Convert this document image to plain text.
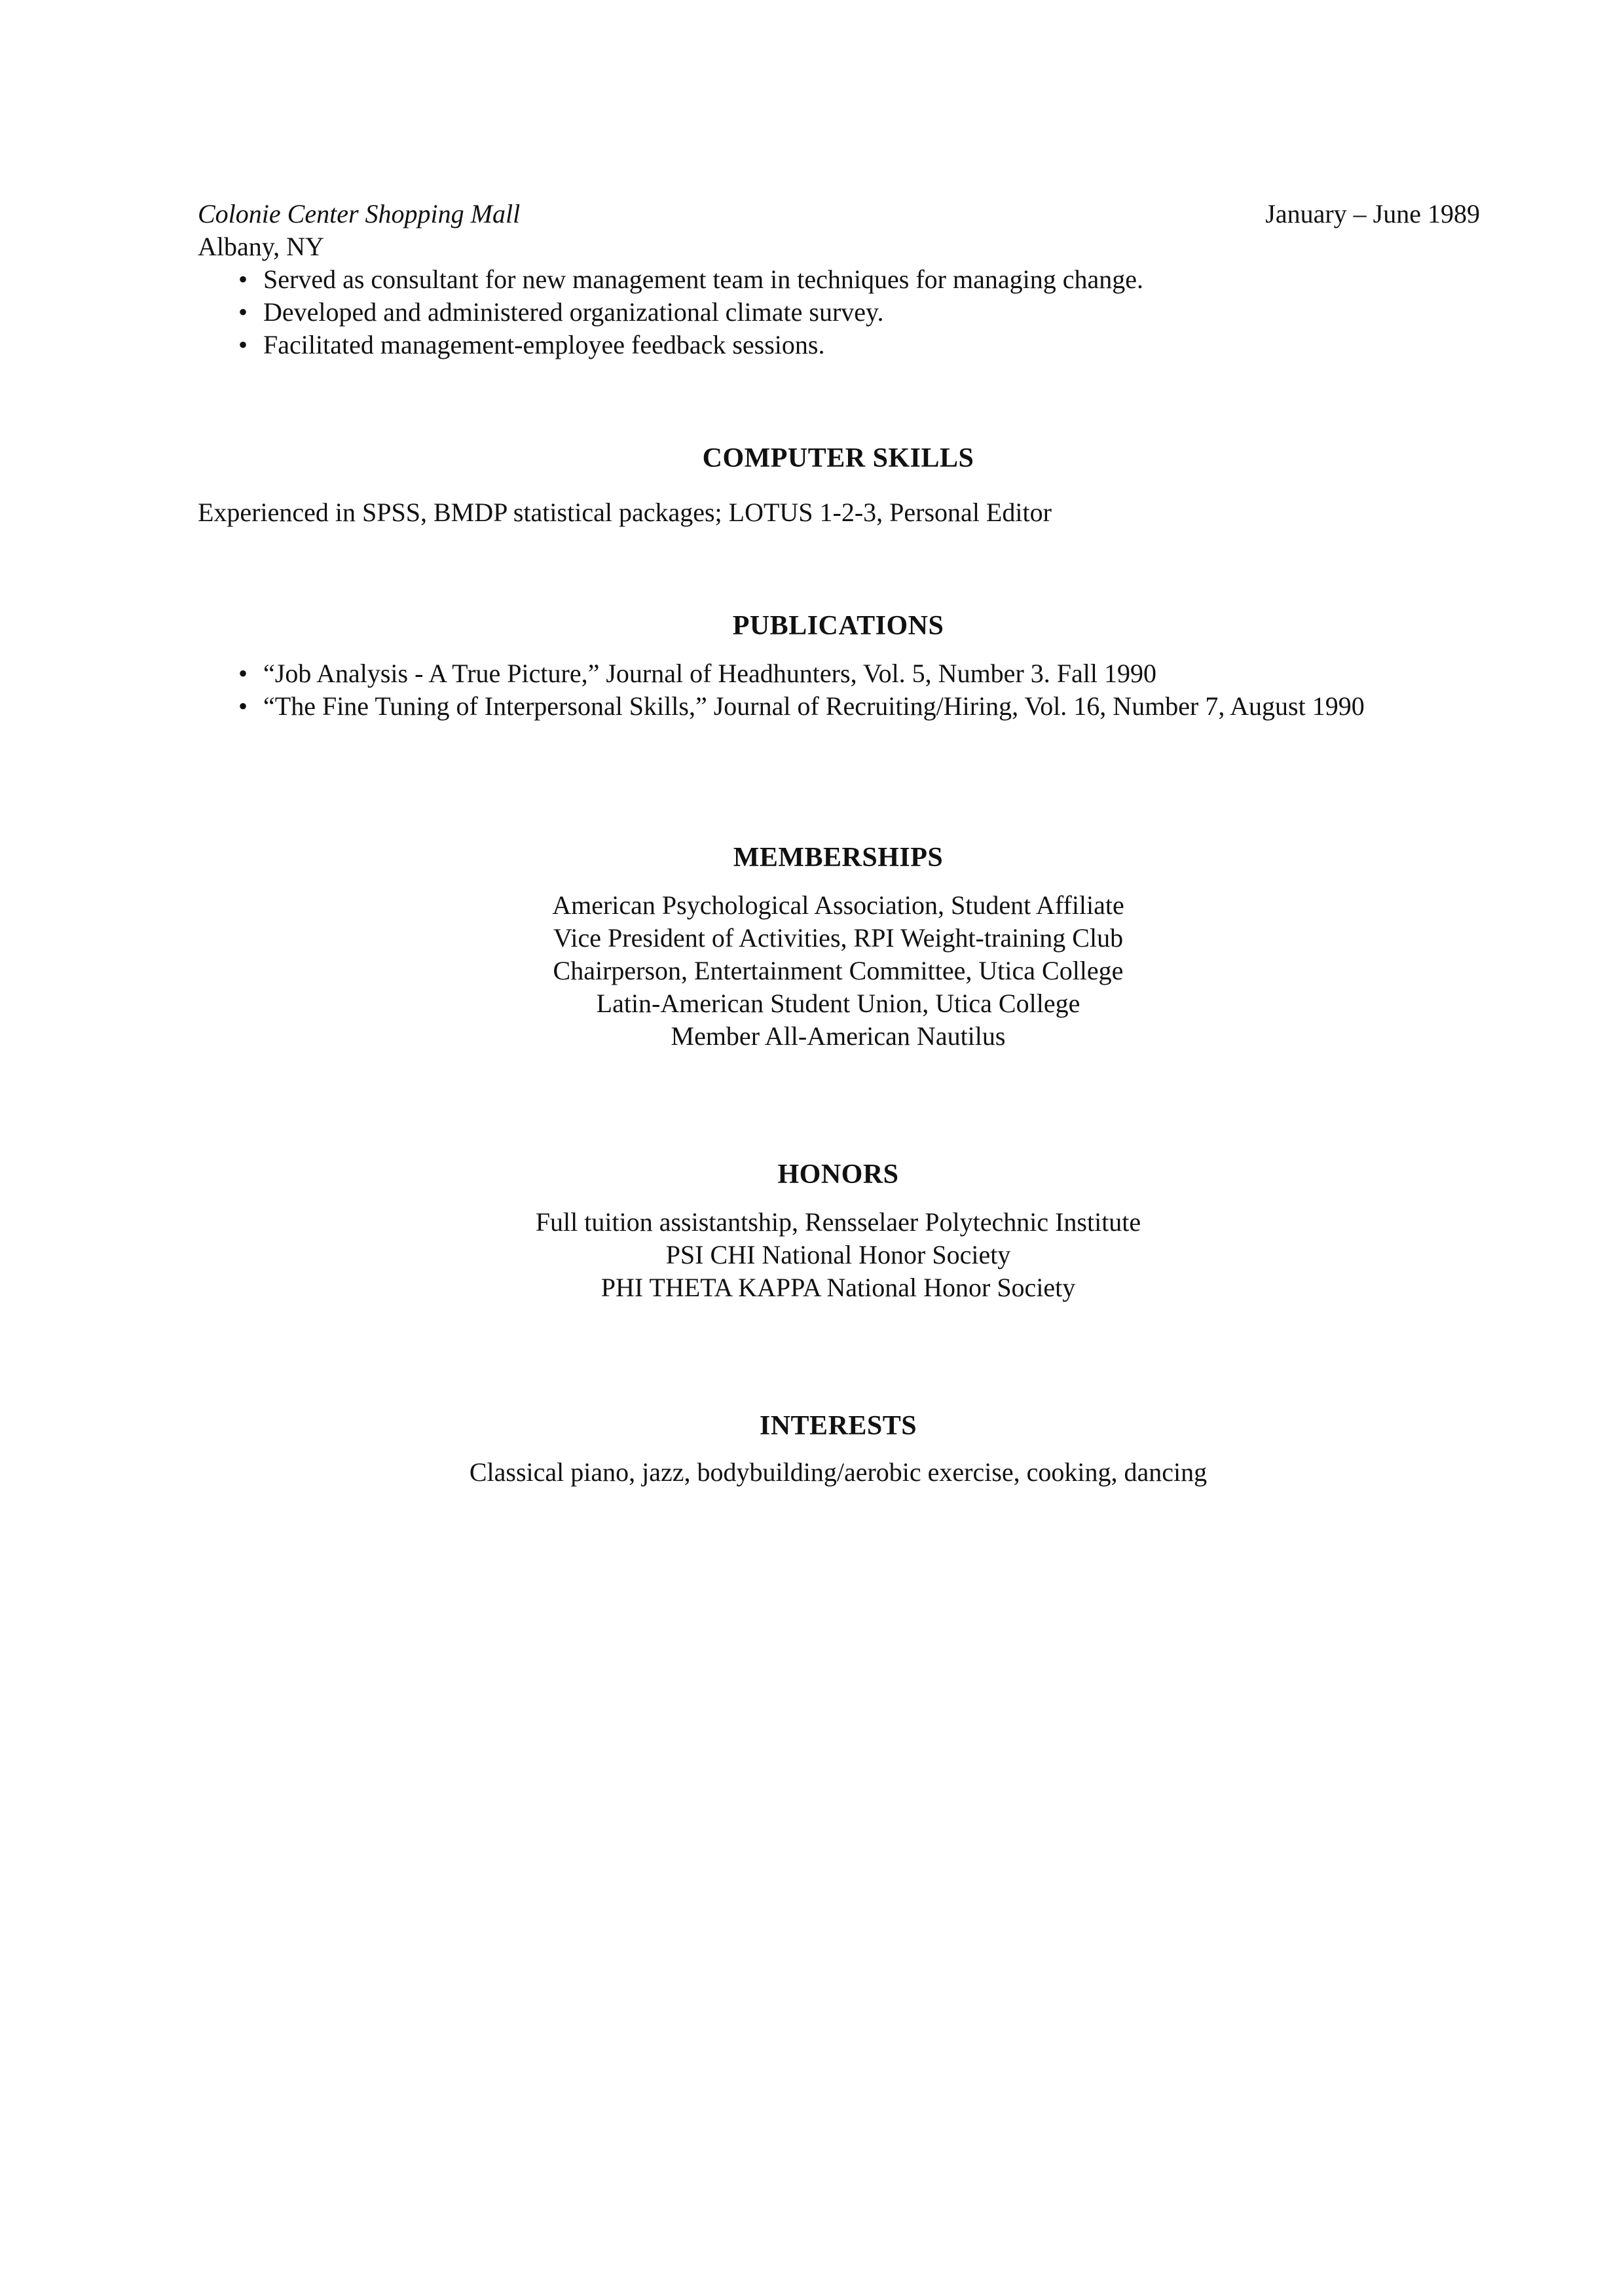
Colonie Center Shopping Mall	January – June 1989
Albany, NY
• Served as consultant for new management team in techniques for managing change.
• Developed and administered organizational climate survey.
• Facilitated management-employee feedback sessions.
COMPUTER SKILLS
Experienced in SPSS, BMDP statistical packages; LOTUS 1-2-3, Personal Editor
PUBLICATIONS
• “Job Analysis - A True Picture,” Journal of Headhunters, Vol. 5, Number 3. Fall 1990
• “The Fine Tuning of Interpersonal Skills,” Journal of Recruiting/Hiring, Vol. 16, Number 7, August 1990
MEMBERSHIPS
American Psychological Association, Student Affiliate
Vice President of Activities, RPI Weight-training Club
Chairperson, Entertainment Committee, Utica College
Latin-American Student Union, Utica College
Member All-American Nautilus
HONORS
Full tuition assistantship, Rensselaer Polytechnic Institute
PSI CHI National Honor Society
PHI THETA KAPPA National Honor Society
INTERESTS
Classical piano, jazz, bodybuilding/aerobic exercise, cooking, dancing
